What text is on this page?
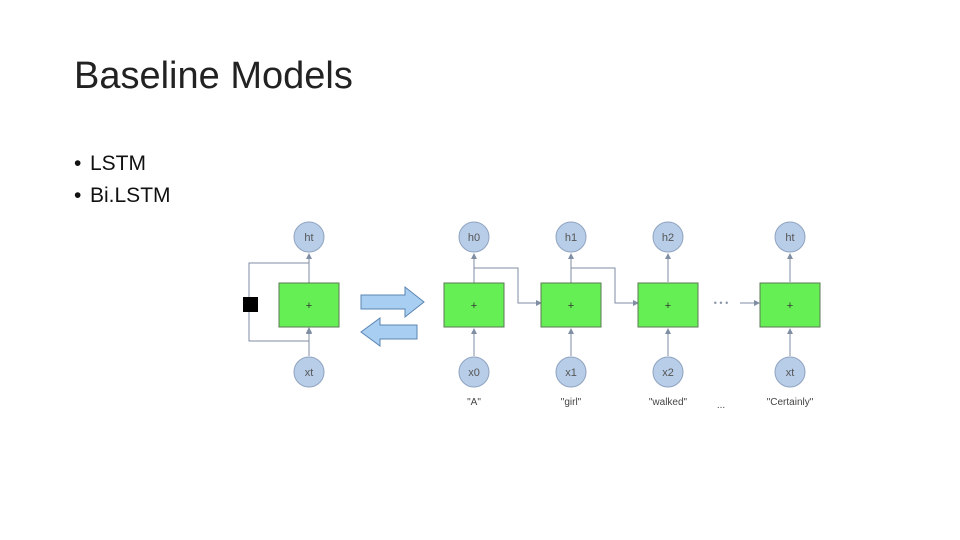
Baseline Models
• LSTM
• Bi.LSTM
+
ht
xt
• • •
+
h0
x0
"A"
+
h1
x1
"girl"
+
h2
x2
"walked"	...
+
ht
xt
"Certainly"
